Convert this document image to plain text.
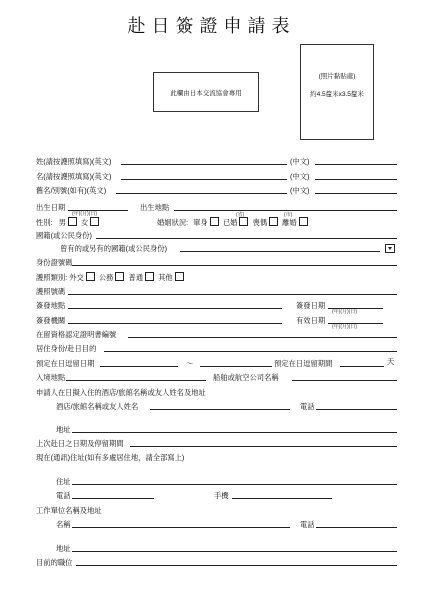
赴日簽證申請表
此欄由日本交流協會專用
(照片黏貼處)
約4.5釐米x3.5釐米
姓(請按護照填寫)(英文)	(中文)
名(請按護照填寫)(英文)	(中文)
舊名/別號(如有)(英文)	(中文)
出生日期
(年)(月)(日)
出生地點
性別: 男 女	婚姻狀況: 單身 已婚 喪偶 離婚
(省)	(市)
國籍(或公民身份)
曾有的或另有的國籍(或公民身份)
身份證號碼
護照類別: 外交 公務 普通 其他
護照號碼
簽發地點	簽發日期
(年)(月)(日)
簽發機關	有效日期
(年)(月)(日)
在留資格認定證明書編號
居住身份/赴日目的
預定在日逗留日期	～	預定在日逗留期間	天
入境地點	船舶或航空公司名稱
申請人在日擬入住的酒店/旅館名稱或友人姓名及地址
酒店/旅館名稱或友人姓名	電話
地址
上次赴日之日期及停留期間
現在(通訊)住址(如有多處居住地，請全部寫上)
住址
電話	手機
工作單位名稱及地址
名稱	電話
地址
目前的職位
